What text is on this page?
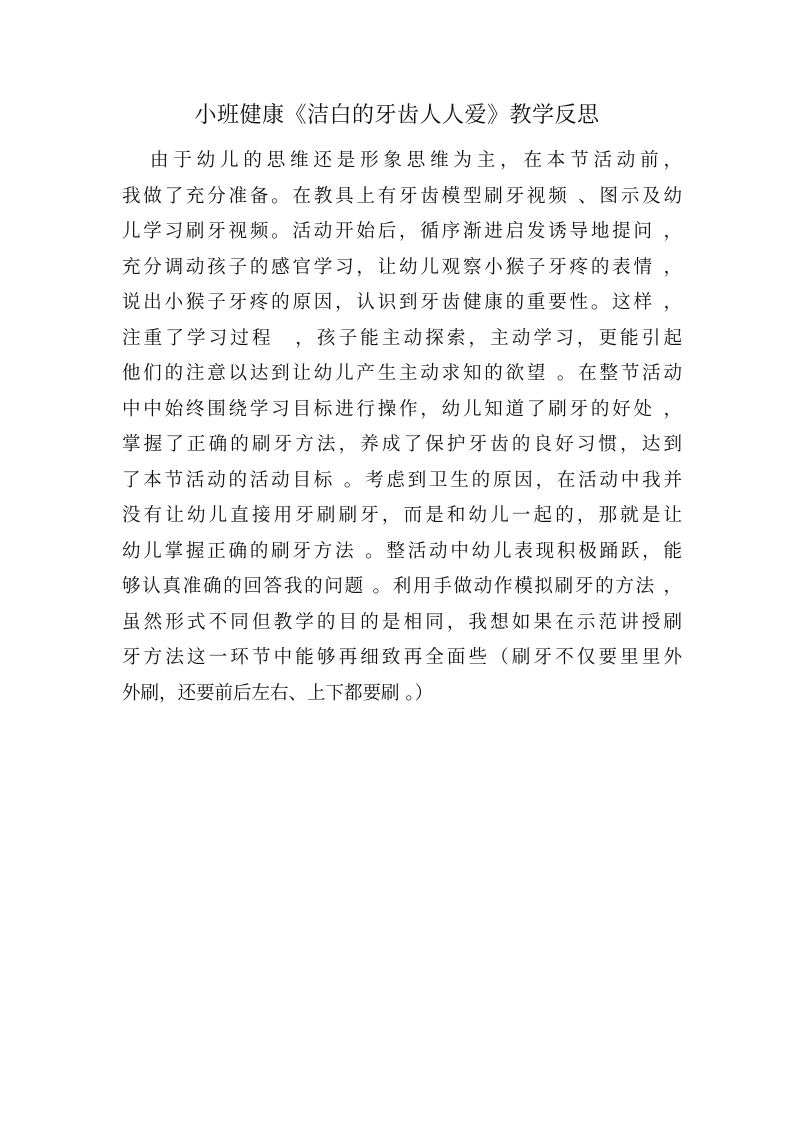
小班健康《洁白的牙齿人人爱》教学反思
由于幼儿的思维还是形象思维为主，在本节活动前，
我做了充分准备。在教具上有牙齿模型刷牙视频 、图示及幼
儿学习刷牙视频。活动开始后，循序渐进启发诱导地提问 ，
充分调动孩子的感官学习，让幼儿观察小猴子牙疼的表情 ，
说出小猴子牙疼的原因，认识到牙齿健康的重要性。这样 ，
注重了学习过程　，孩子能主动探索，主动学习，更能引起
他们的注意以达到让幼儿产生主动求知的欲望 。在整节活动
中中始终围绕学习目标进行操作，幼儿知道了刷牙的好处 ，
掌握了正确的刷牙方法，养成了保护牙齿的良好习惯，达到
了本节活动的活动目标 。考虑到卫生的原因，在活动中我并
没有让幼儿直接用牙刷刷牙，而是和幼儿一起的，那就是让
幼儿掌握正确的刷牙方法 。整活动中幼儿表现积极踊跃，能
够认真准确的回答我的问题 。利用手做动作模拟刷牙的方法 ，
虽然形式不同但教学的目的是相同，我想如果在示范讲授刷
牙方法这一环节中能够再细致再全面些（刷牙不仅要里里外
外刷，还要前后左右、上下都要刷 。）
